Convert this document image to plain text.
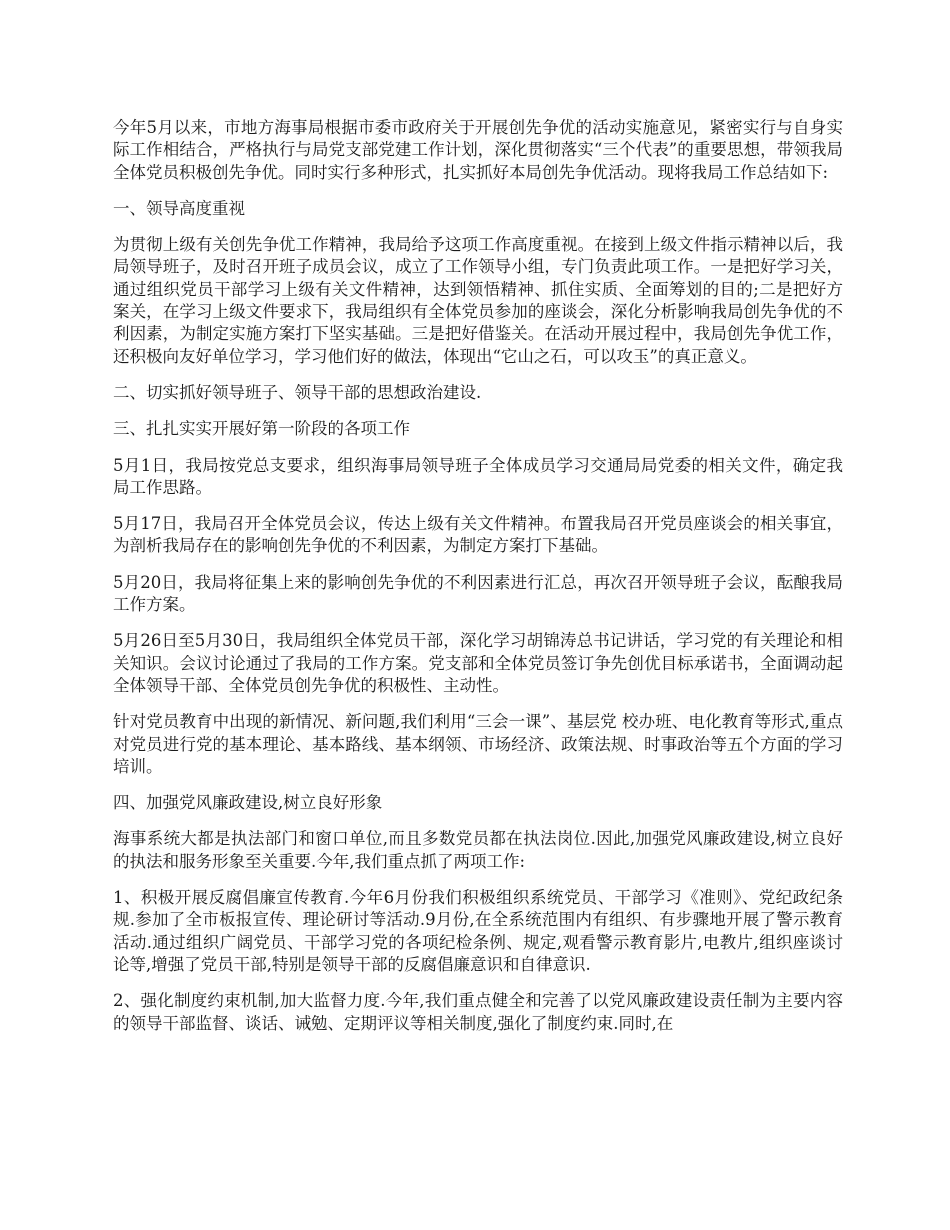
今年5月以来，市地方海事局根据市委市政府关于开展创先争优的活动实施意见，紧密实行与自身实际工作相结合，严格执行与局党支部党建工作计划，深化贯彻落实“三个代表”的重要思想，带领我局全体党员积极创先争优。同时实行多种形式，扎实抓好本局创先争优活动。现将我局工作总结如下:

一、领导高度重视

为贯彻上级有关创先争优工作精神，我局给予这项工作高度重视。在接到上级文件指示精神以后，我局领导班子，及时召开班子成员会议，成立了工作领导小组，专门负责此项工作。一是把好学习关，通过组织党员干部学习上级有关文件精神，达到领悟精神、抓住实质、全面筹划的目的;二是把好方案关，在学习上级文件要求下，我局组织有全体党员参加的座谈会，深化分析影响我局创先争优的不利因素，为制定实施方案打下坚实基础。三是把好借鉴关。在活动开展过程中，我局创先争优工作，还积极向友好单位学习，学习他们好的做法，体现出“它山之石，可以攻玉”的真正意义。

二、切实抓好领导班子、领导干部的思想政治建设.

三、扎扎实实开展好第一阶段的各项工作

5月1日，我局按党总支要求，组织海事局领导班子全体成员学习交通局局党委的相关文件，确定我局工作思路。

5月17日，我局召开全体党员会议，传达上级有关文件精神。布置我局召开党员座谈会的相关事宜，为剖析我局存在的影响创先争优的不利因素，为制定方案打下基础。

5月20日，我局将征集上来的影响创先争优的不利因素进行汇总，再次召开领导班子会议，酝酿我局工作方案。

5月26日至5月30日，我局组织全体党员干部，深化学习胡锦涛总书记讲话，学习党的有关理论和相关知识。会议讨论通过了我局的工作方案。党支部和全体党员签订争先创优目标承诺书，全面调动起全体领导干部、全体党员创先争优的积极性、主动性。

针对党员教育中出现的新情况、新问题,我们利用“三会一课”、基层党 校办班、电化教育等形式,重点对党员进行党的基本理论、基本路线、基本纲领、市场经济、政策法规、时事政治等五个方面的学习培训。

四、加强党风廉政建设,树立良好形象

海事系统大都是执法部门和窗口单位,而且多数党员都在执法岗位.因此,加强党风廉政建设,树立良好的执法和服务形象至关重要.今年,我们重点抓了两项工作:

1、积极开展反腐倡廉宣传教育.今年6月份我们积极组织系统党员、干部学习《准则》、党纪政纪条规.参加了全市板报宣传、理论研讨等活动.9月份,在全系统范围内有组织、有步骤地开展了警示教育活动.通过组织广阔党员、干部学习党的各项纪检条例、规定,观看警示教育影片,电教片,组织座谈讨论等,增强了党员干部,特别是领导干部的反腐倡廉意识和自律意识.

2、强化制度约束机制,加大监督力度.今年,我们重点健全和完善了以党风廉政建设责任制为主要内容的领导干部监督、谈话、诫勉、定期评议等相关制度,强化了制度约束.同时,在
